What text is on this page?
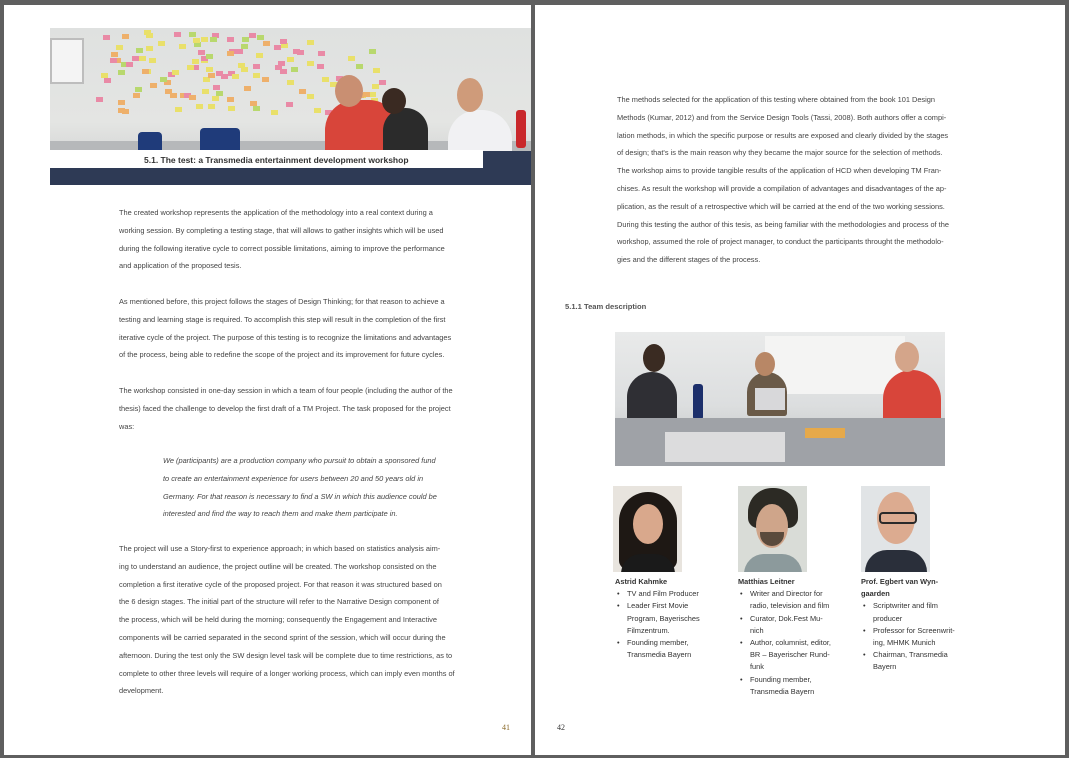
5.1. The test: a Transmedia entertainment development workshop
The created workshop represents the application of the methodology into a real context during a
working session. By completing a testing stage, that will allows to gather insights which will be used
during the following iterative cycle to correct possible limitations, aiming to improve the performance
and application of the proposed tesis.
As mentioned before, this project follows the stages of Design Thinking; for that reason to achieve a
testing and learning stage is required. To accomplish this step will result in the completion of the first
iterative cycle of the project. The purpose of this testing is to recognize the limitations and advantages
of the process, being able to redefine the scope of the project and its improvement for future cycles.
The workshop consisted in one-day session in which a team of four people (including the author of the
thesis) faced the challenge to develop the first draft of a TM Project. The task proposed for the project
was:
We (participants) are a production company who pursuit to obtain a sponsored fund
to create an entertainment experience for users between 20 and 50 years old in
Germany. For that reason is necessary to find a SW in which this audience could be
interested and find the way to reach them and make them participate in.
The project will use a Story-first to experience approach; in which based on statistics analysis aim-
ing to understand an audience, the project outline will be created. The workshop consisted on the
completion a first iterative cycle of the proposed project. For that reason it was structured based on
the 6 design stages. The initial part of the structure will refer to the Narrative Design component of
the process, which will be held during the morning; consequently the Engagement and Interactive
components will be carried separated in the second sprint of the session, which will occur during the
afternoon. During the test only the SW design level task will be complete due to time restrictions, as to
complete to other three levels will require of a longer working process, which can imply even months of
development.
41
The methods selected for the application of this testing where obtained from the book 101 Design
Methods (Kumar, 2012) and from the Service Design Tools (Tassi, 2008). Both authors offer a compi-
lation methods, in which the specific purpose or results are exposed and clearly divided by the stages
of design; that's is the main reason why they became the major source for the selection of methods.
The workshop aims to provide tangible results of the application of HCD when developing TM Fran-
chises. As result the workshop will provide a compilation of advantages and disadvantages of the ap-
plication, as the result of a retrospective which will be carried at the end of the two working sessions.
During this testing the author of this tesis, as being familiar with the methodologies and process of the
workshop, assumed the role of project manager, to conduct the participants throught the methodolo-
gies and the different stages of the process.
5.1.1 Team description
Astrid Kahmke
• TV and Film Producer
• Leader First Movie
Program, Bayerisches
Filmzentrum.
• Founding member,
Transmedia Bayern
Matthias Leitner
• Writer and Director for
radio, television and film
• Curator, Dok.Fest Mu-
nich
• Author, columnist, editor,
BR – Bayerischer Rund-
funk
• Founding member,
Transmedia Bayern
Prof. Egbert van Wyn-
gaarden
• Scriptwriter and film
producer
• Professor for Screenwrit-
ing, MHMK Munich
• Chairman, Transmedia
Bayern
42
